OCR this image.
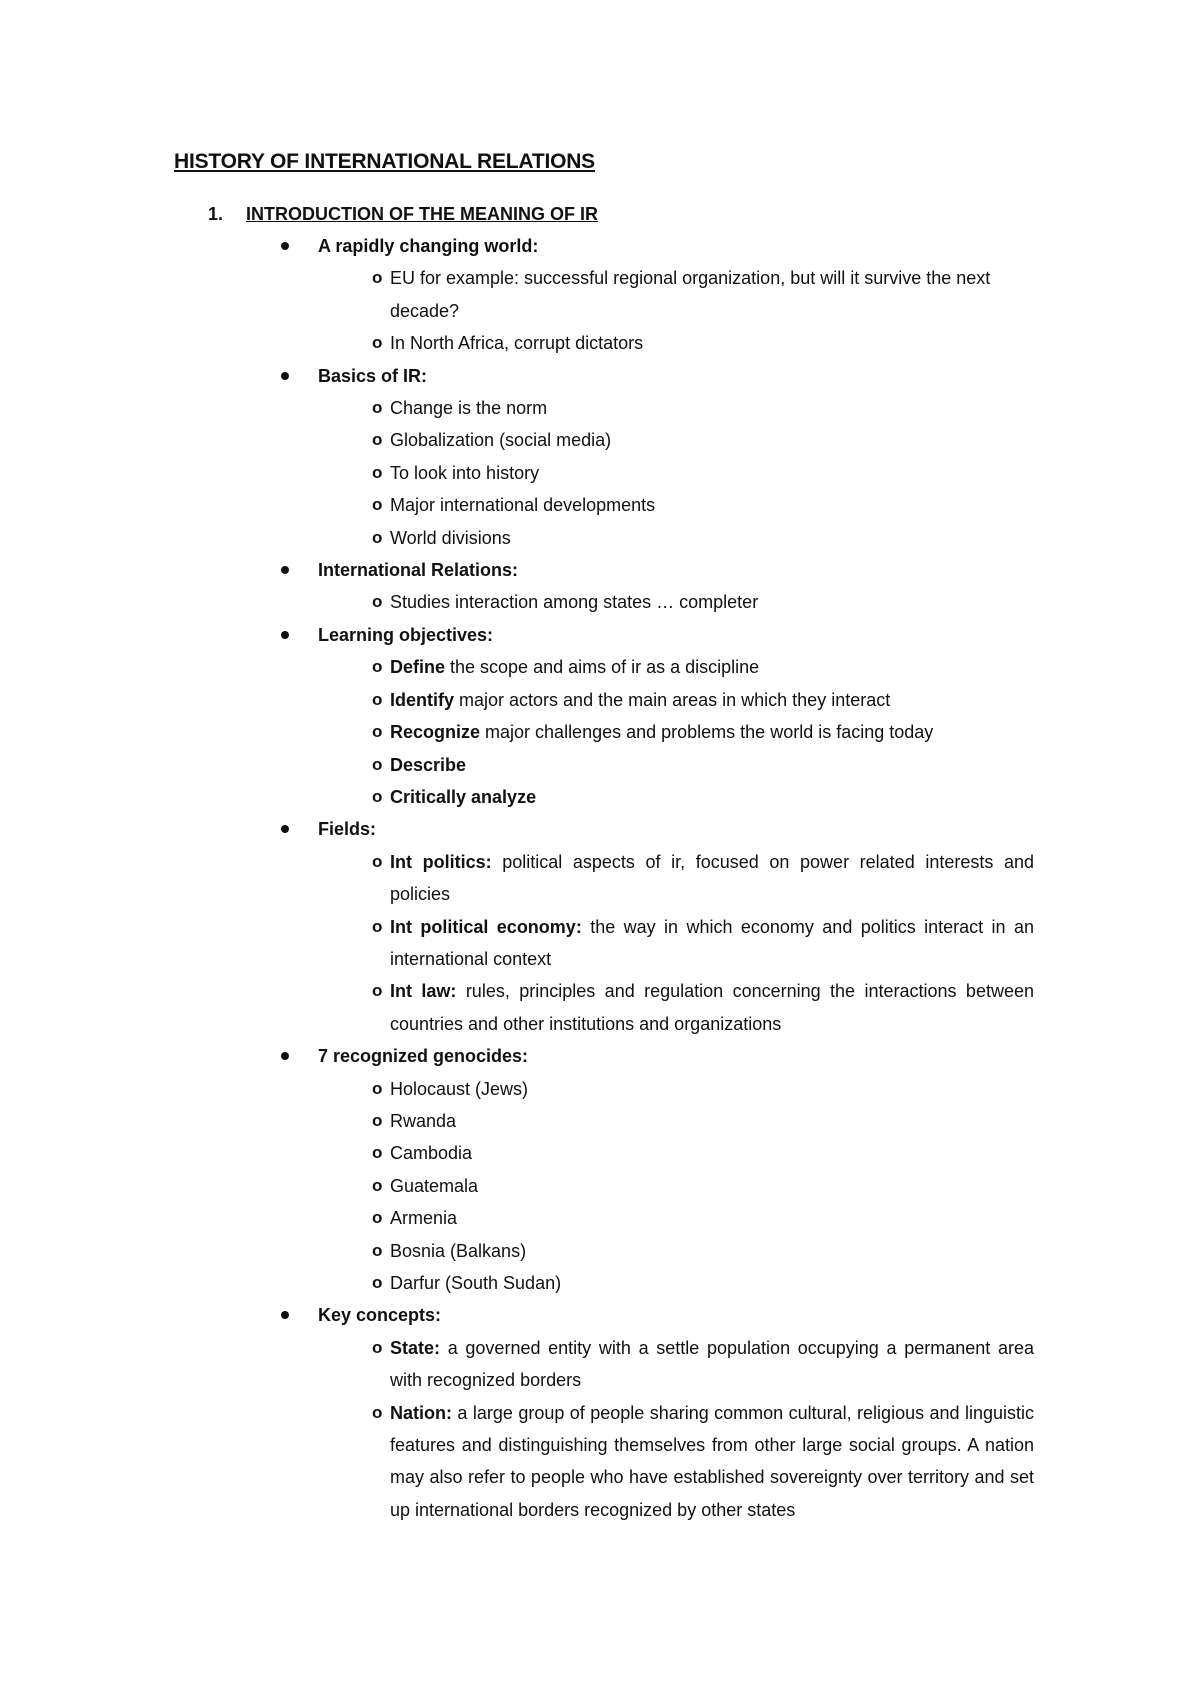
HISTORY OF INTERNATIONAL RELATIONS
1. INTRODUCTION OF THE MEANING OF IR
A rapidly changing world:
o EU for example: successful regional organization, but will it survive the next decade?
o In North Africa, corrupt dictators
Basics of IR:
o Change is the norm
o Globalization (social media)
o To look into history
o Major international developments
o World divisions
International Relations:
o Studies interaction among states … completer
Learning objectives:
o Define the scope and aims of ir as a discipline
o Identify major actors and the main areas in which they interact
o Recognize major challenges and problems the world is facing today
o Describe
o Critically analyze
Fields:
o Int politics: political aspects of ir, focused on power related interests and policies
o Int political economy: the way in which economy and politics interact in an international context
o Int law: rules, principles and regulation concerning the interactions between countries and other institutions and organizations
7 recognized genocides:
o Holocaust (Jews)
o Rwanda
o Cambodia
o Guatemala
o Armenia
o Bosnia (Balkans)
o Darfur (South Sudan)
Key concepts:
o State: a governed entity with a settle population occupying a permanent area with recognized borders
o Nation: a large group of people sharing common cultural, religious and linguistic features and distinguishing themselves from other large social groups. A nation may also refer to people who have established sovereignty over territory and set up international borders recognized by other states
